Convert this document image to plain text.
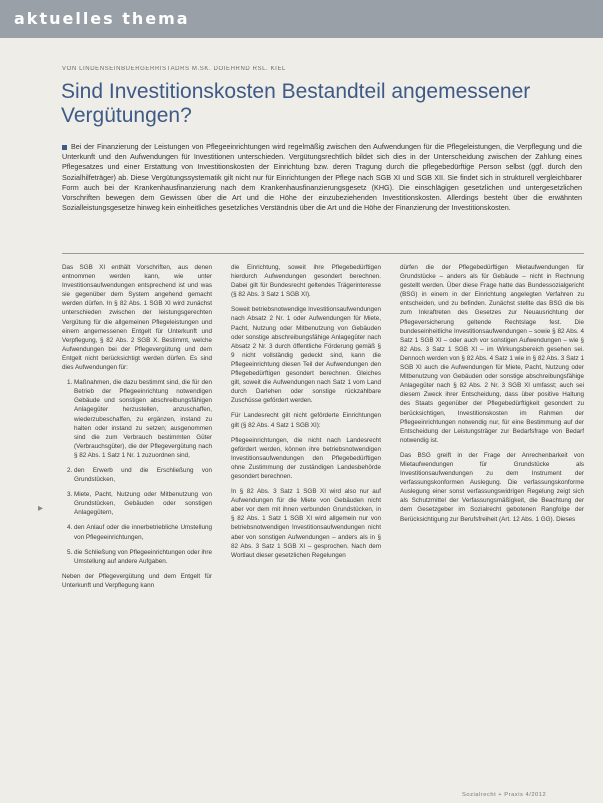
aktuelles thema
VON LINDENSEINBUERGERRISTADRS M.SK. DOIEHRND RSL. KIEL
Sind Investitionskosten Bestandteil angemessener Vergütungen?

Bei der Finanzierung der Leistungen von Pflegeeinrichtungen wird regelmäßig zwischen den Aufwendungen für die Pflegeleistungen, die Verpflegung und die Unterkunft und den Aufwendungen für Investitionen unterschieden. Vergütungsrechtlich bildet sich dies in der Unterscheidung zwischen der Zahlung eines Pflegesatzes und einer Erstattung von Investitionskosten der Einrichtung bzw. deren Tragung durch die pflegebedürftige Person selbst (ggf. durch den Sozialhilfeträger) ab. Diese Vergütungssystematik gilt nicht nur für Einrichtungen der Pflege nach SGB XI und SGB XII. Sie findet sich in strukturell vergleichbarer Form auch bei der Krankenhausfinanzierung nach dem Krankenhausfinanzierungsgesetz (KHG). Die einschlägigen gesetzlichen und untergesetzlichen Vorschriften bewegen dem Gewissen über die Art und die Höhe der einzubeziehenden Investitionskosten. Allerdings besteht über die erwähnten Sozialleistungsgesetze hinweg kein einheitliches gesetzliches Verständnis über die Art und die Höhe der Finanzierung der Investitionskosten.

Das SGB XI enthält Vorschriften, aus denen entnommen werden kann, wie unter Investitionsaufwendungen entsprechend ist und was sie gegenüber dem System angehend gemacht werden dürfen. In § 82 Abs. 1 SGB XI wird zunächst unterschieden zwischen der leistungsgerechten Vergütung für die allgemeinen Pflegeleistungen und einem angemessenen Entgelt für Unterkunft und Verpflegung, § 82 Abs. 2 SGB X. Bestimmt, welche Aufwendungen bei der Pflegevergütung und dem Entgelt nicht berücksichtigt werden dürfen. Es sind dies Aufwendungen für:

1. Maßnahmen, die dazu bestimmt sind, die für den Betrieb der Pflegeeinrichtung notwendigen Gebäude und sonstigen abschreibungsfähigen Anlagegüter herzustellen, anzuschaffen, wiederzubeschaffen, zu ergänzen, instand zu halten oder instand zu setzen; ausgenommen sind die zum Verbrauch bestimmten Güter (Verbrauchsgüter), die der Pflegevergütung nach § 82 Abs. 1 Satz 1 Nr. 1 zuzuordnen sind,
2. den Erwerb und die Erschließung von Grundstücken,
3. Miete, Pacht, Nutzung oder Mitbenutzung von Grundstücken, Gebäuden oder sonstigen Anlagegütern,
4. den Anlauf oder die innerbetriebliche Umstellung von Pflegeeinrichtungen,
5. die Schließung von Pflegeeinrichtungen oder ihre Umstellung auf andere Aufgaben.

Neben der Pflegevergütung und dem Entgelt für Unterkunft und Verpflegung kann

▸

die Einrichtung, soweit ihre Pflegebedürftigen hierdurch Aufwendungen gesondert berechnen. Dabei gilt für Bundesrecht geltendes Trägerinteresse (§ 82 Abs. 3 Satz 1 SGB XI).

Soweit betriebsnotwendige Investitionsaufwendungen nach Absatz 2 Nr. 1 oder Aufwendungen für Miete, Pacht, Nutzung oder Mitbenutzung von Gebäuden oder sonstige abschreibungsfähige Anlagegüter nach Absatz 2 Nr. 3 durch öffentliche Förderung gemäß § 9 nicht vollständig gedeckt sind, kann die Pflegeeinrichtung diesen Teil der Aufwendungen den Pflegebedürftigen gesondert berechnen. Gleiches gilt, soweit die Aufwendungen nach Satz 1 vom Land durch Darlehen oder sonstige rückzahlbare Zuschüsse gefördert werden.

Für Landesrecht gilt nicht geförderte Einrichtungen gilt (§ 82 Abs. 4 Satz 1 SGB XI):

Pflegeeinrichtungen, die nicht nach Landesrecht gefördert werden, können ihre betriebsnotwendigen Investitionsaufwendungen den Pflegebedürftigen ohne Zustimmung der zuständigen Landesbehörde gesondert berechnen.

In § 82 Abs. 3 Satz 1 SGB XI wird also nur auf Aufwendungen für die Miete von Gebäuden nicht aber vor dem mit ihnen verbunden Grundstücken, in § 82 Abs. 1 Satz 1 SGB XI wird allgemein nur von betriebsnotwendigen Investitionsaufwendungen nicht aber von sonstigen Aufwendungen – anders als in § 82 Abs. 3 Satz 1 SGB XI – gesprochen. Nach dem Wortlaut dieser gesetzlichen Regelungen

dürfen die der Pflegebedürftigen Mietaufwendungen für Grundstücke – anders als für Gebäude – nicht in Rechnung gestellt werden. Über diese Frage hatte das Bundessozialgericht (BSG) in einem in der Einrichtung angelegten Verfahren zu entscheiden, und zu befinden. Zunächst stellte das BSG die bis zum Inkraftreten des Gesetzes zur Neuausrichtung der Pflegeversicherung geltende Rechtslage fest. Die bundeseinheitliche Investitionsaufwendungen – sowie § 82 Abs. 4 Satz 1 SGB XI – oder auch vor sonstigen Aufwendungen – wie § 82 Abs. 3 Satz 1 SGB XI – im Wirkungsbereich gesehen sei. Dennoch werden von § 82 Abs. 4 Satz 1 wie in § 82 Abs. 3 Satz 1 SGB XI auch die Aufwendungen für Miete, Pacht, Nutzung oder Mitbenutzung von Gebäuden oder sonstige abschreibungsfähige Anlagegüter nach § 82 Abs. 2 Nr. 3 SGB XI umfasst; auch sei diesem Zweck ihrer Entscheidung, dass über positive Haltung des Staats gegenüber der Pflegebedürftigkeit gesondert zu berücksichtigen, Investitionskosten im Rahmen der Pflegeeinrichtungen notwendig nur, für eine Bestimmung auf der Entscheidung der Leistungsträger zur Bedarfsfrage von Bedarf notwendig ist.

Das BSG greift in der Frage der Anrechenbarkeit von Mietaufwendungen für Grundstücke als Investitionsaufwendungen zu dem Instrument der verfassungskonformen Auslegung. Die verfassungskonforme Auslegung einer sonst verfassungswidrigen Regelung zeigt sich als Schutzmittel der Verfassungsmäßigkeit, die Beachtung der dem Gesetzgeber im Sozialrecht gebotenen Rangfolge der Berücksichtigung zur Berufsfreiheit (Art. 12 Abs. 1 GG). Dieses

Sozialrecht + Praxis 4/2012
